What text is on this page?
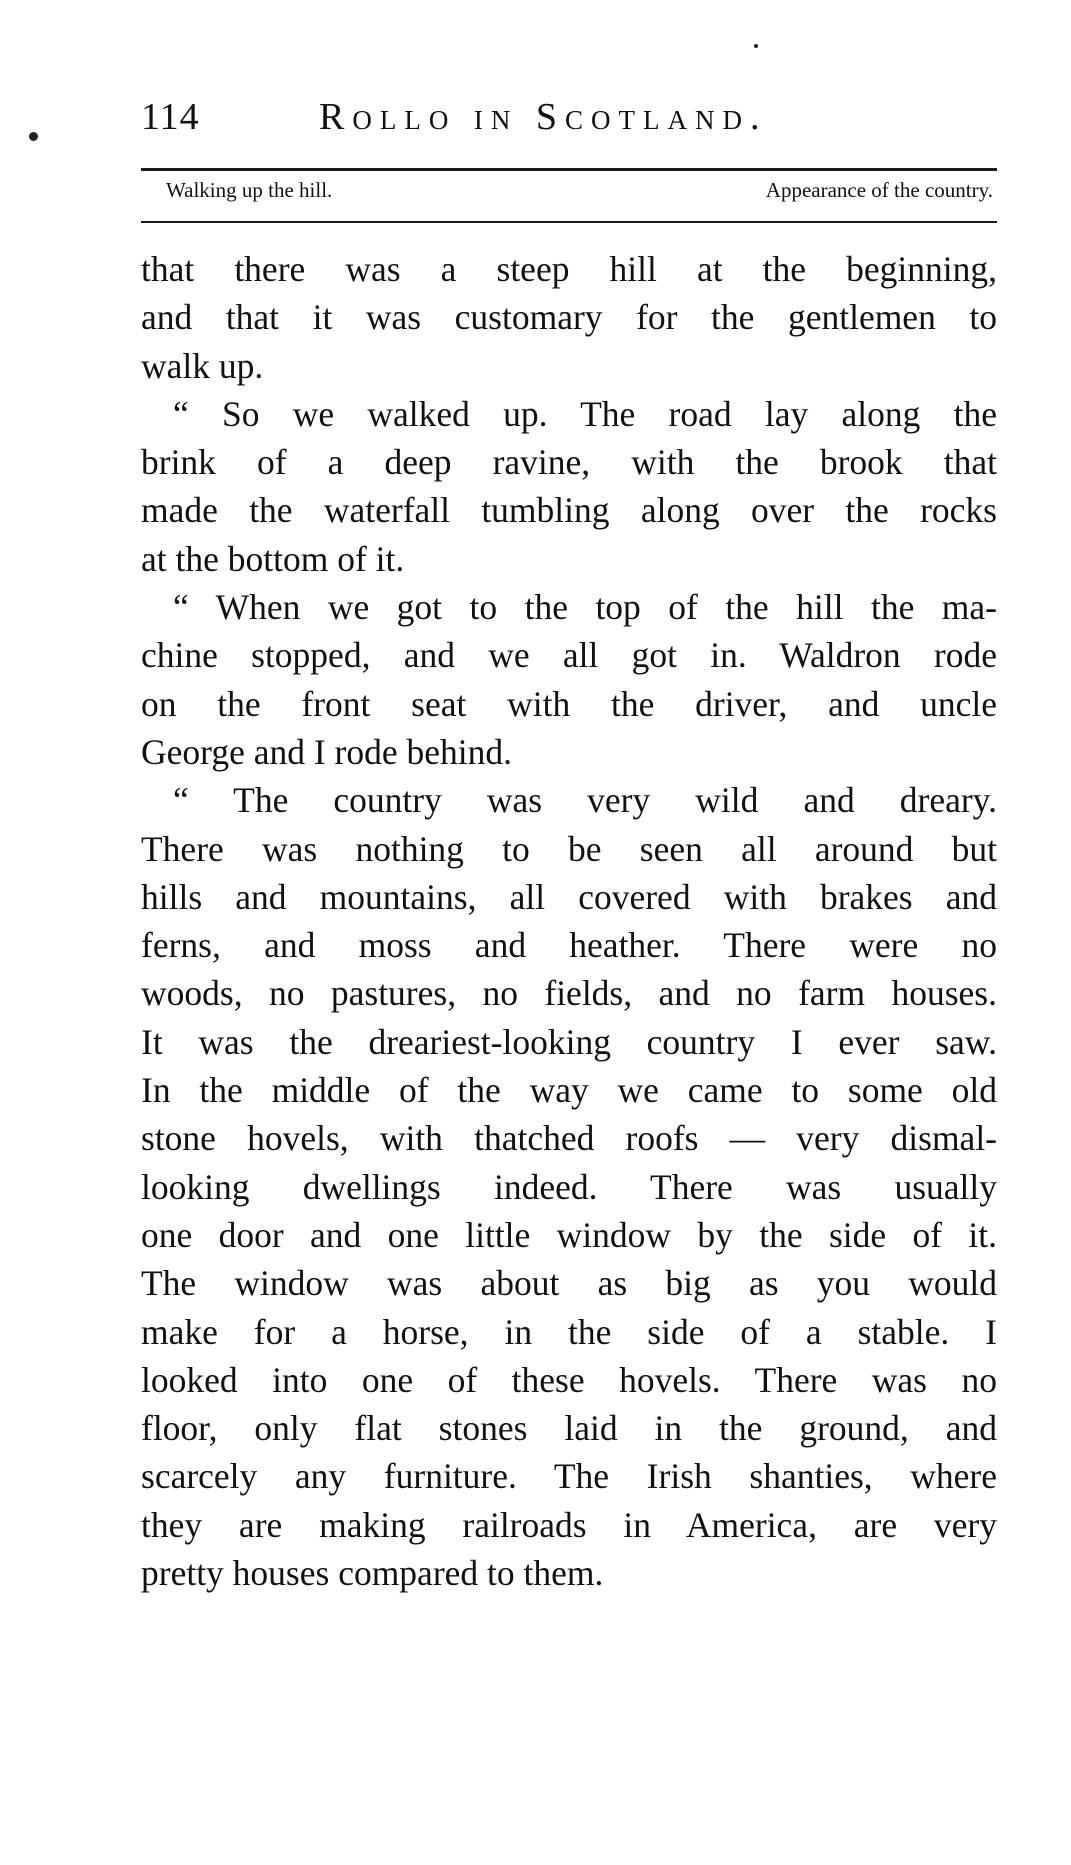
114	Rollo in Scotland.
Walking up the hill.	Appearance of the country.
that there was a steep hill at the beginning,
and that it was customary for the gentlemen to
walk up.
“ So we walked up. The road lay along the
brink of a deep ravine, with the brook that
made the waterfall tumbling along over the rocks
at the bottom of it.
“ When we got to the top of the hill the ma-
chine stopped, and we all got in. Waldron rode
on the front seat with the driver, and uncle
George and I rode behind.
“ The country was very wild and dreary.
There was nothing to be seen all around but
hills and mountains, all covered with brakes and
ferns, and moss and heather. There were no
woods, no pastures, no fields, and no farm houses.
It was the dreariest-looking country I ever saw.
In the middle of the way we came to some old
stone hovels, with thatched roofs — very dismal-
looking dwellings indeed. There was usually
one door and one little window by the side of it.
The window was about as big as you would
make for a horse, in the side of a stable. I
looked into one of these hovels. There was no
floor, only flat stones laid in the ground, and
scarcely any furniture. The Irish shanties, where
they are making railroads in America, are very
pretty houses compared to them.
